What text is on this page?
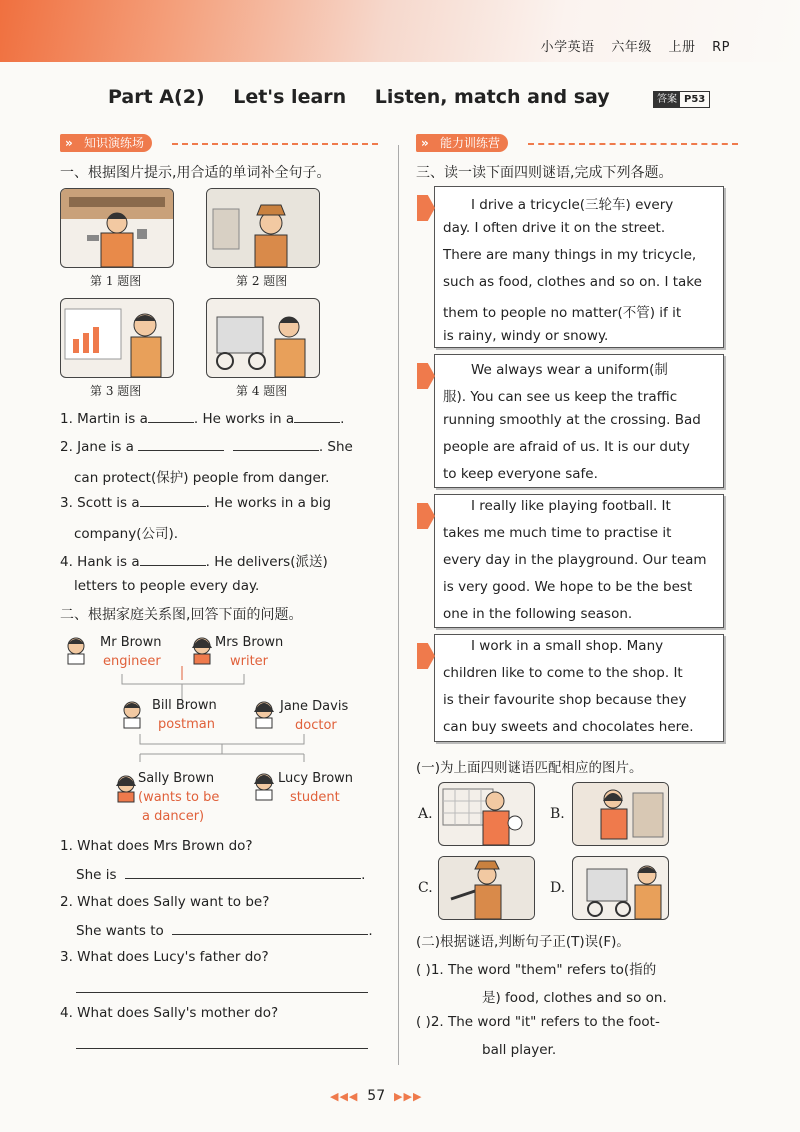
小学英语 六年级 上册 RP
Part A(2) Let's learn Listen, match and say	答案 P53
» 知识演练场	» 能力训练营
一、根据图片提示,用合适的单词补全句子。
第 1 题图	第 2 题图
第 3 题图	第 4 题图
1. Martin is a	. He works in a	.
2. Jane is a	. She
can protect(保护) people from danger.
3. Scott is a	. He works in a big
company(公司).
4. Hank is a	. He delivers(派送)
letters to people every day.
二、根据家庭关系图,回答下面的问题。
Mr Brown
engineer
Mrs Brown
writer
Bill Brown
postman
Jane Davis
doctor
Sally Brown
(wants to be
a dancer)
Lucy Brown
student
1. What does Mrs Brown do?
She is	.
2. What does Sally want to be?
She wants to	.
3. What does Lucy's father do?
4. What does Sally's mother do?
三、读一读下面四则谜语,完成下列各题。
I drive a tricycle(三轮车) every
day. I often drive it on the street.
There are many things in my tricycle,
such as food, clothes and so on. I take
them to people no matter(不管) if it
is rainy, windy or snowy.
We always wear a uniform(制
服). You can see us keep the traffic
running smoothly at the crossing. Bad
people are afraid of us. It is our duty
to keep everyone safe.
I really like playing football. It
takes me much time to practise it
every day in the playground. Our team
is very good. We hope to be the best
one in the following season.
I work in a small shop. Many
children like to come to the shop. It
is their favourite shop because they
can buy sweets and chocolates here.
(一)为上面四则谜语匹配相应的图片。
A.	B.
C.	D.
(二)根据谜语,判断句子正(T)误(F)。
( )1. The word "them" refers to(指的
是) food, clothes and so on.
( )2. The word "it" refers to the foot-
ball player.
◀◀◀ 57 ▶▶▶
